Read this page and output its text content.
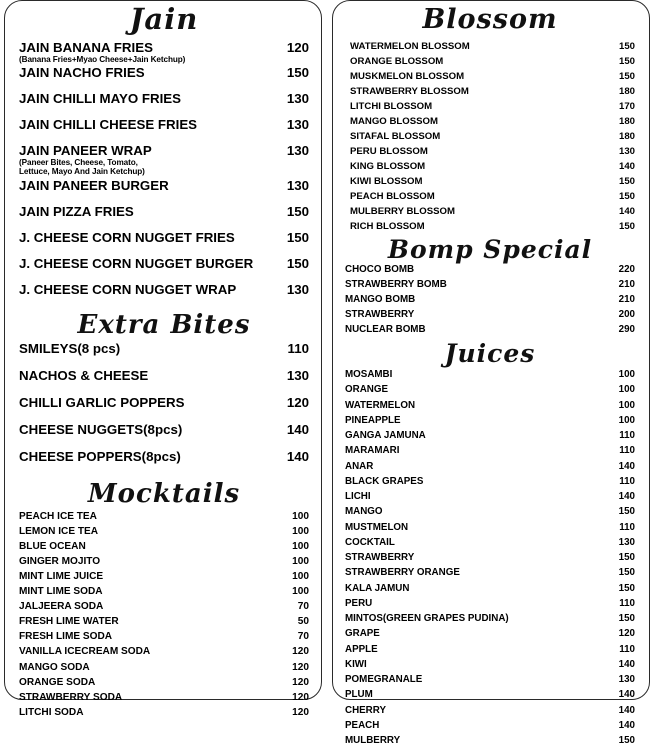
Jain
JAIN BANANA FRIES	120
(Banana Fries+Myao Cheese+Jain Ketchup)
JAIN NACHO FRIES	150
JAIN CHILLI MAYO FRIES	130
JAIN CHILLI CHEESE FRIES	130
JAIN PANEER WRAP	130
(Paneer Bites, Cheese, Tomato,
Lettuce, Mayo And Jain Ketchup)
JAIN PANEER BURGER	130
JAIN PIZZA FRIES	150
J. CHEESE CORN NUGGET FRIES	150
J. CHEESE CORN NUGGET BURGER	150
J. CHEESE CORN NUGGET WRAP	130
Extra Bites
SMILEYS(8 pcs)	110
NACHOS & CHEESE	130
CHILLI GARLIC POPPERS	120
CHEESE NUGGETS(8pcs)	140
CHEESE POPPERS(8pcs)	140
Mocktails
PEACH ICE TEA	100
LEMON ICE TEA	100
BLUE OCEAN	100
GINGER MOJITO	100
MINT LIME JUICE	100
MINT LIME SODA	100
JALJEERA SODA	70
FRESH LIME WATER	50
FRESH LIME SODA	70
VANILLA ICECREAM SODA	120
MANGO SODA	120
ORANGE SODA	120
STRAWBERRY SODA	120
LITCHI SODA	120
Blossom
WATERMELON BLOSSOM	150
ORANGE BLOSSOM	150
MUSKMELON BLOSSOM	150
STRAWBERRY BLOSSOM	180
LITCHI BLOSSOM	170
MANGO BLOSSOM	180
SITAFAL BLOSSOM	180
PERU BLOSSOM	130
KING BLOSSOM	140
KIWI BLOSSOM	150
PEACH BLOSSOM	150
MULBERRY BLOSSOM	140
RICH BLOSSOM	150
Bomp Special
CHOCO BOMB	220
STRAWBERRY BOMB	210
MANGO BOMB	210
STRAWBERRY	200
NUCLEAR BOMB	290
Juices
MOSAMBI	100
ORANGE	100
WATERMELON	100
PINEAPPLE	100
GANGA JAMUNA	110
MARAMARI	110
ANAR	140
BLACK GRAPES	110
LICHI	140
MANGO	150
MUSTMELON	110
COCKTAIL	130
STRAWBERRY	150
STRAWBERRY ORANGE	150
KALA JAMUN	150
PERU	110
MINTOS(GREEN GRAPES PUDINA)	150
GRAPE	120
APPLE	110
KIWI	140
POMEGRANALE	130
PLUM	140
CHERRY	140
PEACH	140
MULBERRY	150
